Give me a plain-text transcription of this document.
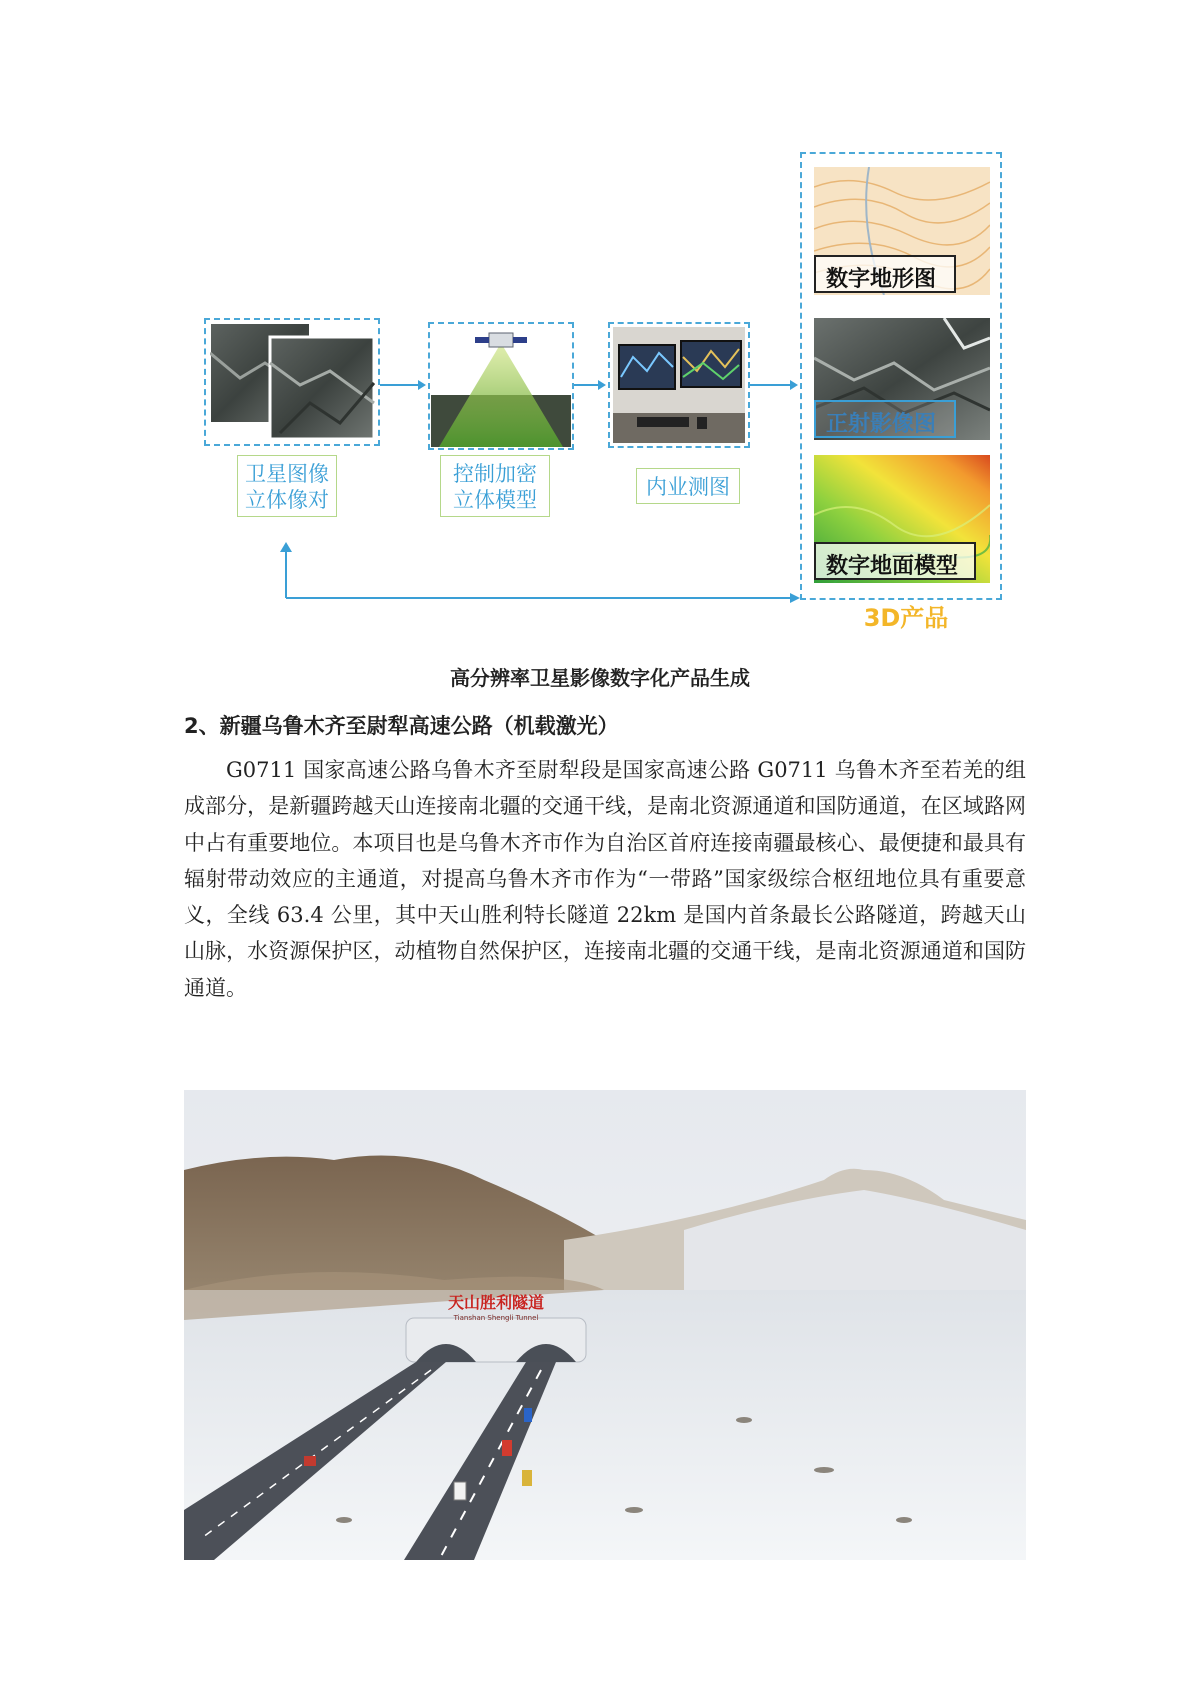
卫星图像
立体像对
控制加密
立体模型
内业测图
数字地形图
正射影像图
数字地面模型
3D产品
高分辨率卫星影像数字化产品生成
2、新疆乌鲁木齐至尉犁高速公路（机载激光）

G0711 国家高速公路乌鲁木齐至尉犁段是国家高速公路 G0711 乌鲁木齐至若羌的组成部分，是新疆跨越天山连接南北疆的交通干线，是南北资源通道和国防通道，在区域路网中占有重要地位。本项目也是乌鲁木齐市作为自治区首府连接南疆最核心、最便捷和最具有辐射带动效应的主通道，对提高乌鲁木齐市作为“一带路”国家级综合枢纽地位具有重要意义，全线 63.4 公里，其中天山胜利特长隧道 22km 是国内首条最长公路隧道，跨越天山山脉，水资源保护区，动植物自然保护区，连接南北疆的交通干线，是南北资源通道和国防通道。

天山胜利隧道
Tianshan Shengli Tunnel
